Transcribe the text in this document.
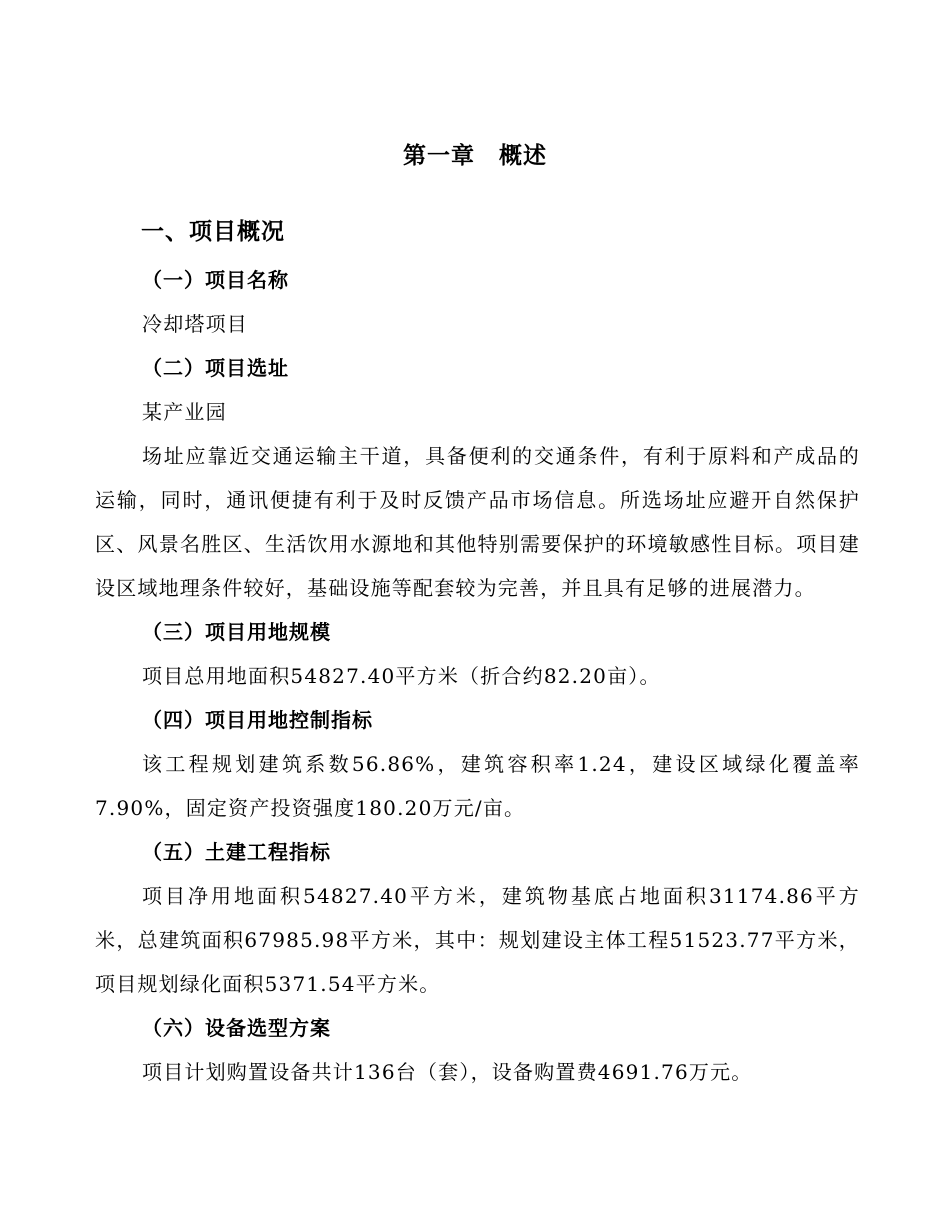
第一章　概述
一、项目概况
（一）项目名称

冷却塔项目

（二）项目选址

某产业园

场址应靠近交通运输主干道，具备便利的交通条件，有利于原料和产成品的运输，同时，通讯便捷有利于及时反馈产品市场信息。所选场址应避开自然保护区、风景名胜区、生活饮用水源地和其他特别需要保护的环境敏感性目标。项目建设区域地理条件较好，基础设施等配套较为完善，并且具有足够的进展潜力。

（三）项目用地规模

项目总用地面积54827.40平方米（折合约82.20亩）。

（四）项目用地控制指标

该工程规划建筑系数56.86%，建筑容积率1.24，建设区域绿化覆盖率7.90%，固定资产投资强度180.20万元/亩。

（五）土建工程指标

项目净用地面积54827.40平方米，建筑物基底占地面积31174.86平方米，总建筑面积67985.98平方米，其中：规划建设主体工程51523.77平方米，项目规划绿化面积5371.54平方米。

（六）设备选型方案

项目计划购置设备共计136台（套），设备购置费4691.76万元。
